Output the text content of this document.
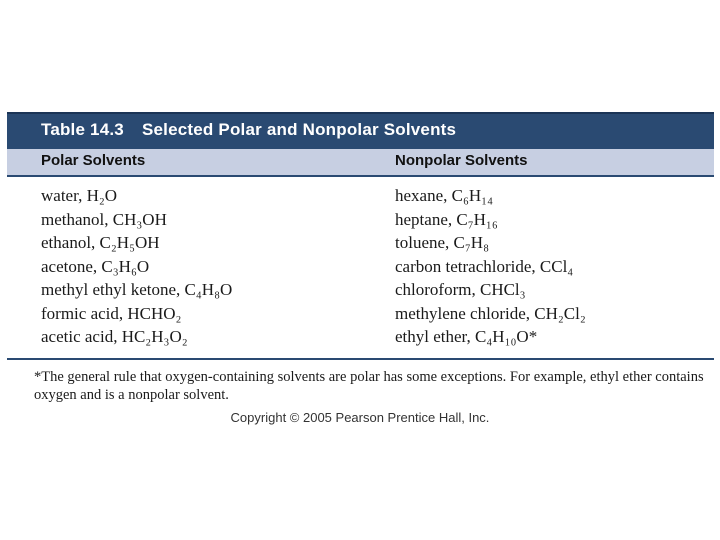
Table 14.3 Selected Polar and Nonpolar Solvents
Polar Solvents	Nonpolar Solvents
water, H₂O	hexane, C₆H₁₄
methanol, CH₃OH	heptane, C₇H₁₆
ethanol, C₂H₅OH	toluene, C₇H₈
acetone, C₃H₆O	carbon tetrachloride, CCl₄
methyl ethyl ketone, C₄H₈O	chloroform, CHCl₃
formic acid, HCHO₂	methylene chloride, CH₂Cl₂
acetic acid, HC₂H₃O₂	ethyl ether, C₄H₁₀O*
*The general rule that oxygen-containing solvents are polar has some exceptions. For example, ethyl ether contains oxygen and is a nonpolar solvent.
Copyright © 2005 Pearson Prentice Hall, Inc.
